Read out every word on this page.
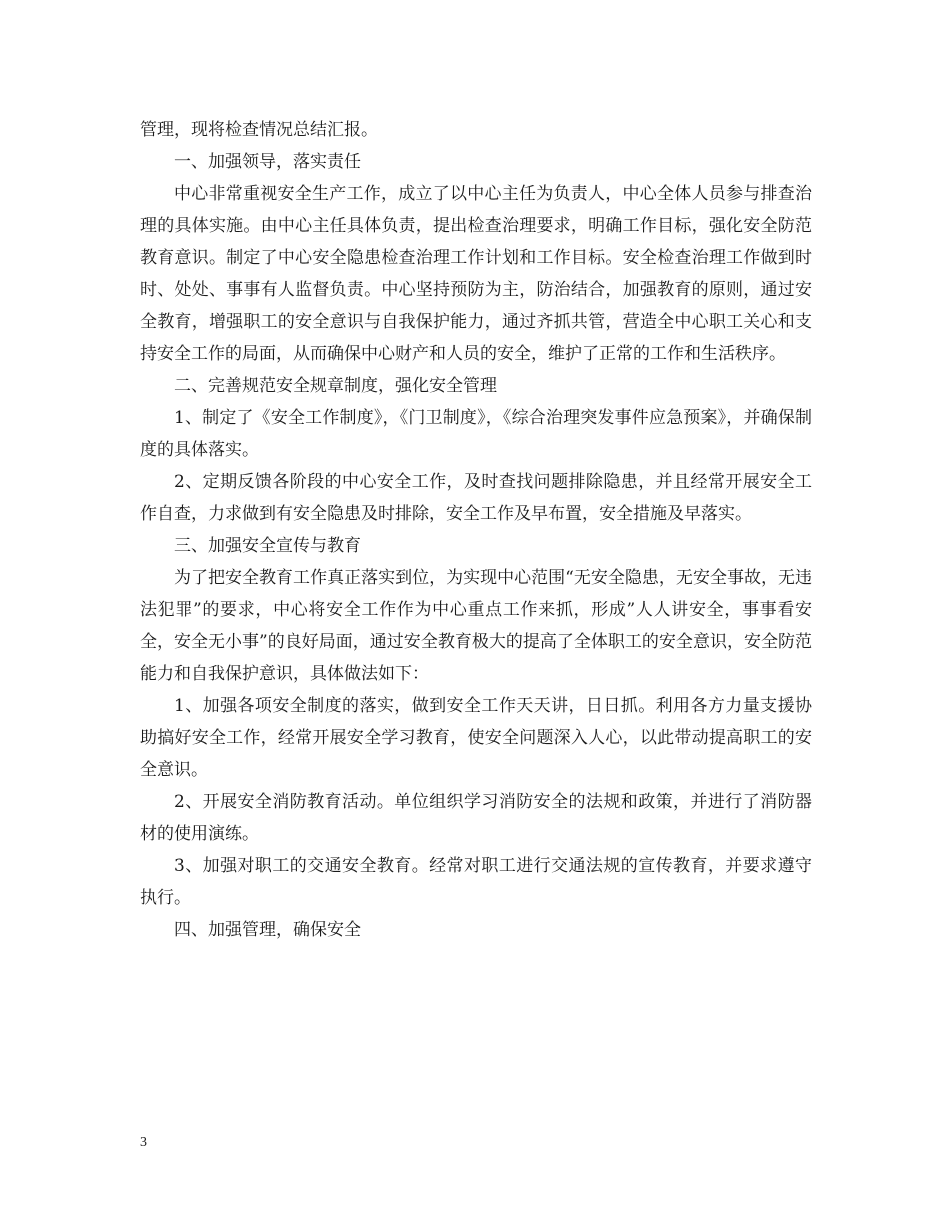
管理，现将检查情况总结汇报。

一、加强领导，落实责任

中心非常重视安全生产工作，成立了以中心主任为负责人，中心全体人员参与排查治理的具体实施。由中心主任具体负责，提出检查治理要求，明确工作目标，强化安全防范教育意识。制定了中心安全隐患检查治理工作计划和工作目标。安全检查治理工作做到时时、处处、事事有人监督负责。中心坚持预防为主，防治结合，加强教育的原则，通过安全教育，增强职工的安全意识与自我保护能力，通过齐抓共管，营造全中心职工关心和支持安全工作的局面，从而确保中心财产和人员的安全，维护了正常的工作和生活秩序。

二、完善规范安全规章制度，强化安全管理

1、制定了《安全工作制度》，《门卫制度》，《综合治理突发事件应急预案》，并确保制度的具体落实。

2、定期反馈各阶段的中心安全工作，及时查找问题排除隐患，并且经常开展安全工作自查，力求做到有安全隐患及时排除，安全工作及早布置，安全措施及早落实。

三、加强安全宣传与教育

为了把安全教育工作真正落实到位，为实现中心范围“无安全隐患，无安全事故，无违法犯罪”的要求，中心将安全工作作为中心重点工作来抓，形成”人人讲安全，事事看安全，安全无小事”的良好局面，通过安全教育极大的提高了全体职工的安全意识，安全防范能力和自我保护意识，具体做法如下：

1、加强各项安全制度的落实，做到安全工作天天讲，日日抓。利用各方力量支援协助搞好安全工作，经常开展安全学习教育，使安全问题深入人心，以此带动提高职工的安全意识。

2、开展安全消防教育活动。单位组织学习消防安全的法规和政策，并进行了消防器材的使用演练。

3、加强对职工的交通安全教育。经常对职工进行交通法规的宣传教育，并要求遵守执行。

四、加强管理，确保安全

3
